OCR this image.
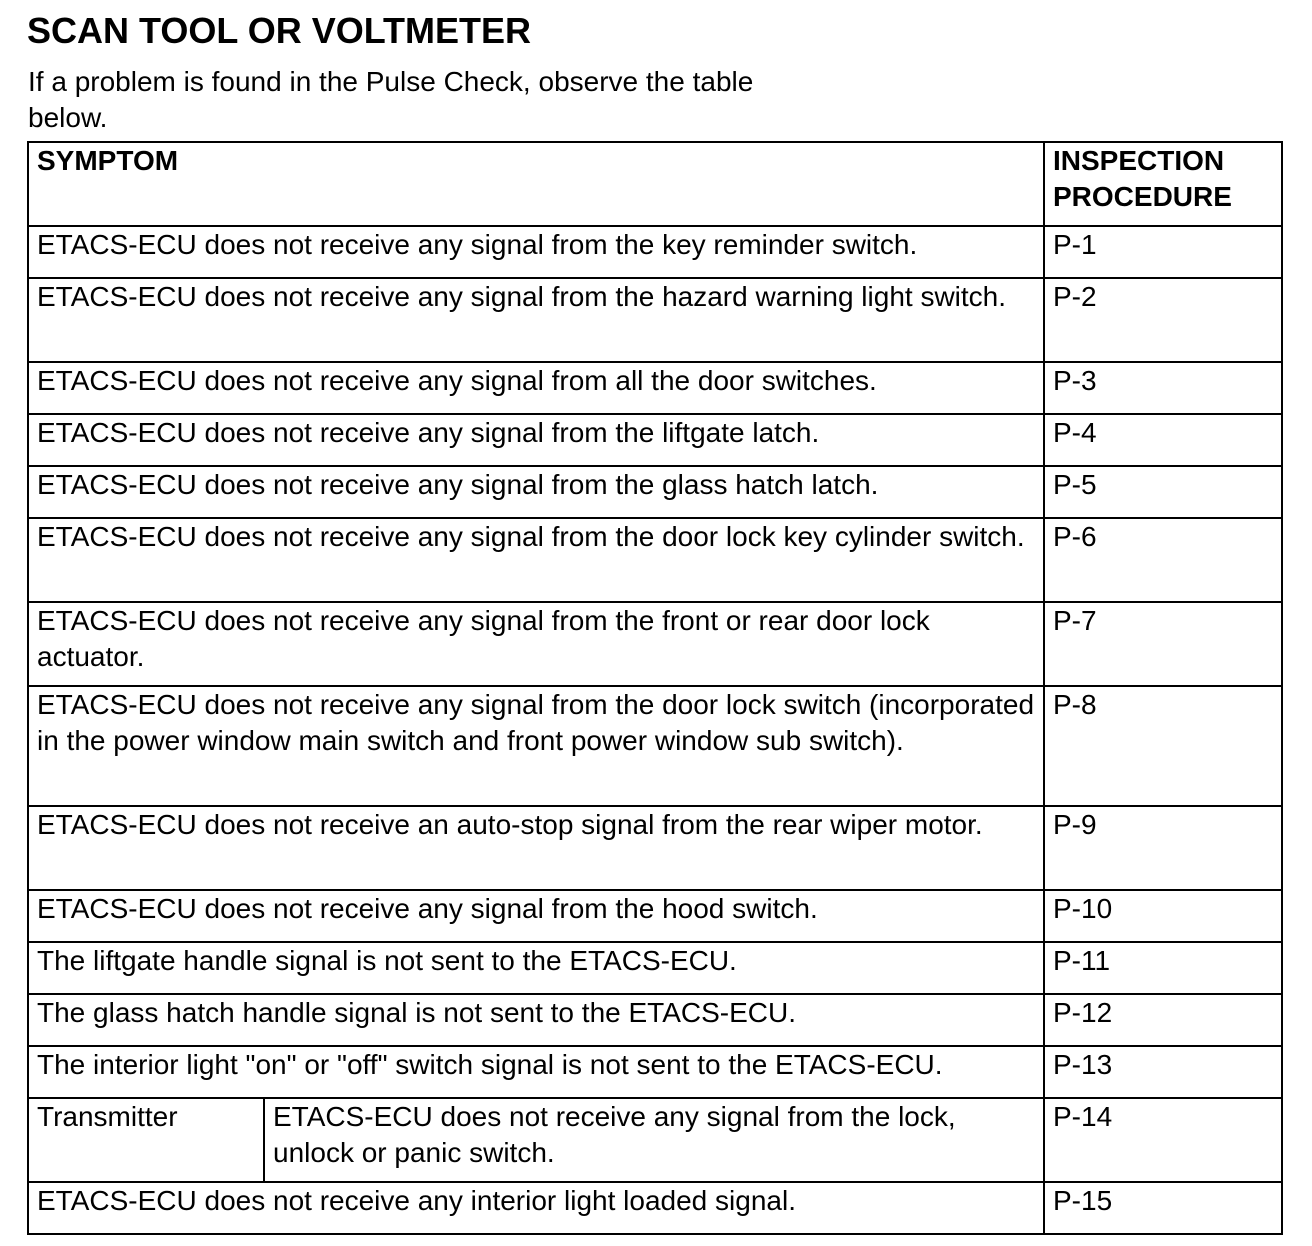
SCAN TOOL OR VOLTMETER
If a problem is found in the Pulse Check, observe the table below.
SYMPTOM		INSPECTION PROCEDURE
ETACS-ECU does not receive any signal from the key reminder switch.		P-1
ETACS-ECU does not receive any signal from the hazard warning light switch.		P-2
ETACS-ECU does not receive any signal from all the door switches.		P-3
ETACS-ECU does not receive any signal from the liftgate latch.		P-4
ETACS-ECU does not receive any signal from the glass hatch latch.		P-5
ETACS-ECU does not receive any signal from the door lock key cylinder switch.		P-6
ETACS-ECU does not receive any signal from the front or rear door lock actuator.		P-7
ETACS-ECU does not receive any signal from the door lock switch (incorporated in the power window main switch and front power window sub switch).		P-8
ETACS-ECU does not receive an auto-stop signal from the rear wiper motor.		P-9
ETACS-ECU does not receive any signal from the hood switch.		P-10
The liftgate handle signal is not sent to the ETACS-ECU.		P-11
The glass hatch handle signal is not sent to the ETACS-ECU.		P-12
The interior light "on" or "off" switch signal is not sent to the ETACS-ECU.		P-13
Transmitter	ETACS-ECU does not receive any signal from the lock, unlock or panic switch.	P-14
ETACS-ECU does not receive any interior light loaded signal.		P-15
